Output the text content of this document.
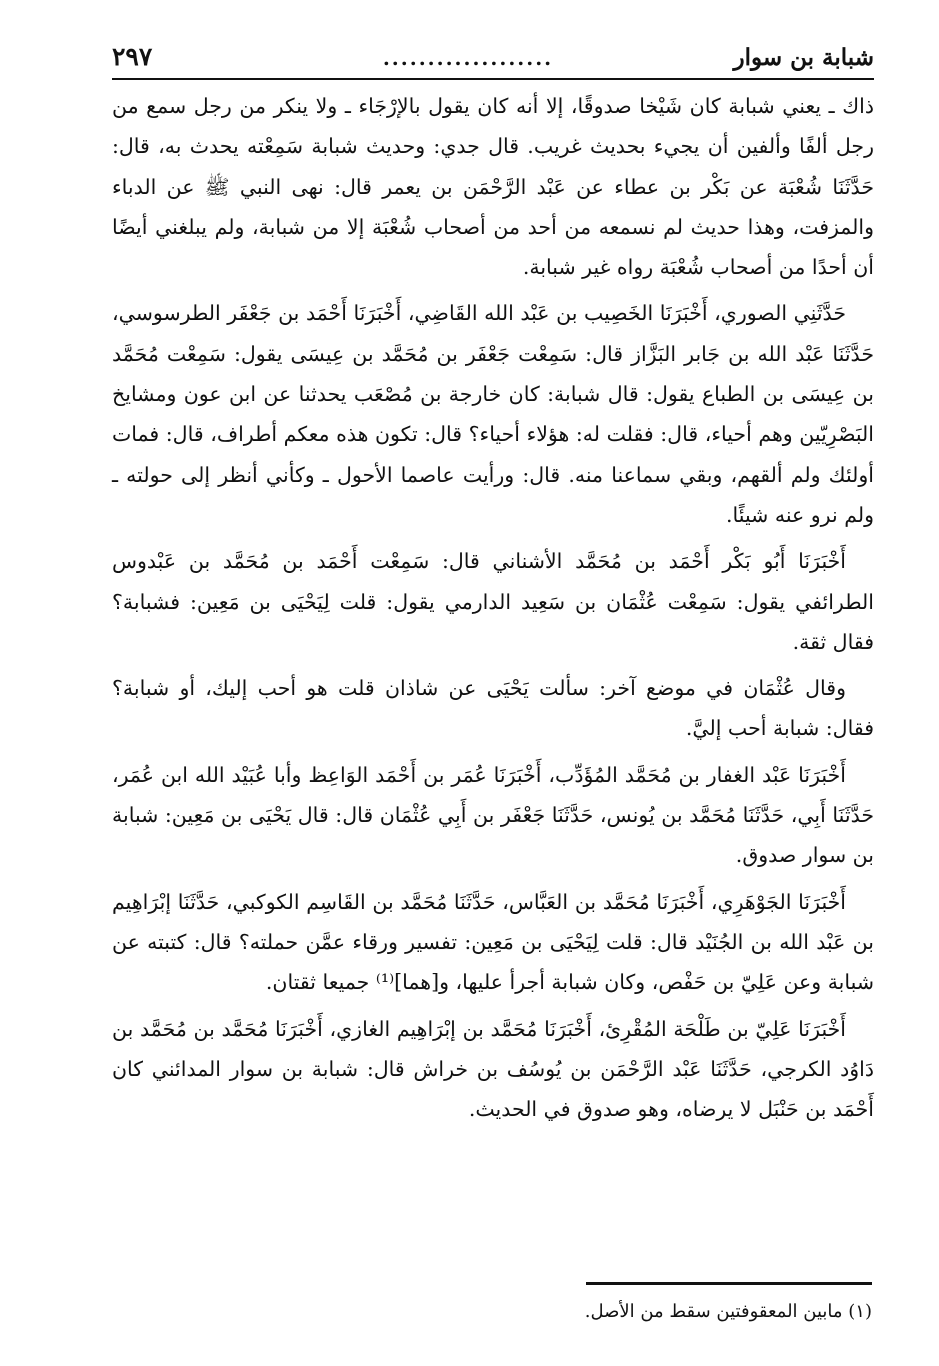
شبابة بن سوار
...................
٢٩٧

ذاك ـ يعني شبابة كان شَيْخا صدوقًا، إلا أنه كان يقول بالإرْجَاء ـ ولا ينكر من رجل سمع من رجل ألفًا وألفين أن يجيء بحديث غريب. قال جدي: وحديث شبابة سَمِعْته يحدث به، قال: حَدَّثَنَا شُعْبَة عن بَكْر بن عطاء عن عَبْد الرَّحْمَن بن يعمر قال: نهى النبي ﷺ عن الدباء والمزفت، وهذا حديث لم نسمعه من أحد من أصحاب شُعْبَة إلا من شبابة، ولم يبلغني أيضًا أن أحدًا من أصحاب شُعْبَة رواه غير شبابة.

حَدَّثَنِي الصوري، أَخْبَرَنَا الخَصِيب بن عَبْد الله القَاضِي، أَخْبَرَنَا أَحْمَد بن جَعْفَر الطرسوسي، حَدَّثَنَا عَبْد الله بن جَابر البَزَّاز قال: سَمِعْت جَعْفَر بن مُحَمَّد بن عِيسَى يقول: سَمِعْت مُحَمَّد بن عِيسَى بن الطباع يقول: قال شبابة: كان خارجة بن مُصْعَب يحدثنا عن ابن عون ومشايخ البَصْرِيّين وهم أحياء، قال: فقلت له: هؤلاء أحياء؟ قال: تكون هذه معكم أطراف، قال: فمات أولئك ولم ألقهم، وبقي سماعنا منه. قال: ورأيت عاصما الأحول ـ وكأني أنظر إلى حولته ـ ولم نرو عنه شيئًا.

أَخْبَرَنَا أَبُو بَكْر أَحْمَد بن مُحَمَّد الأشناني قال: سَمِعْت أَحْمَد بن مُحَمَّد بن عَبْدوس الطرائفي يقول: سَمِعْت عُثْمَان بن سَعِيد الدارمي يقول: قلت لِيَحْيَى بن مَعِين: فشبابة؟ فقال ثقة.

وقال عُثْمَان في موضع آخر: سألت يَحْيَى عن شاذان قلت هو أحب إليك، أو شبابة؟ فقال: شبابة أحب إليَّ.

أَخْبَرَنَا عَبْد الغفار بن مُحَمَّد المُؤَدِّب، أَخْبَرَنَا عُمَر بن أَحْمَد الوَاعِظ وأبا عُبَيْد الله ابن عُمَر، حَدَّثَنَا أَبِي، حَدَّثَنَا مُحَمَّد بن يُونس، حَدَّثَنَا جَعْفَر بن أَبِي عُثْمَان قال: قال يَحْيَى بن مَعِين: شبابة بن سوار صدوق.

أَخْبَرَنَا الجَوْهَرِي، أَخْبَرَنَا مُحَمَّد بن العَبَّاس، حَدَّثَنَا مُحَمَّد بن القَاسِم الكوكبي، حَدَّثَنَا إبْرَاهِيم بن عَبْد الله بن الجُنَيْد قال: قلت لِيَحْيَى بن مَعِين: تفسير ورقاء عمَّن حملته؟ قال: كتبته عن شبابة وعن عَلِيّ بن حَفْص، وكان شبابة أجرأ عليها، و[هما]⁽¹⁾ جميعا ثقتان.

أَخْبَرَنَا عَلِيّ بن طَلْحَة المُقْرِئ، أَخْبَرَنَا مُحَمَّد بن إبْرَاهِيم الغازي، أَخْبَرَنَا مُحَمَّد بن مُحَمَّد بن دَاوُد الكرجي، حَدَّثَنَا عَبْد الرَّحْمَن بن يُوسُف بن خراش قال: شبابة بن سوار المدائني كان أَحْمَد بن حَنْبَل لا يرضاه، وهو صدوق في الحديث.

(١) مابين المعقوفتين سقط من الأصل.
